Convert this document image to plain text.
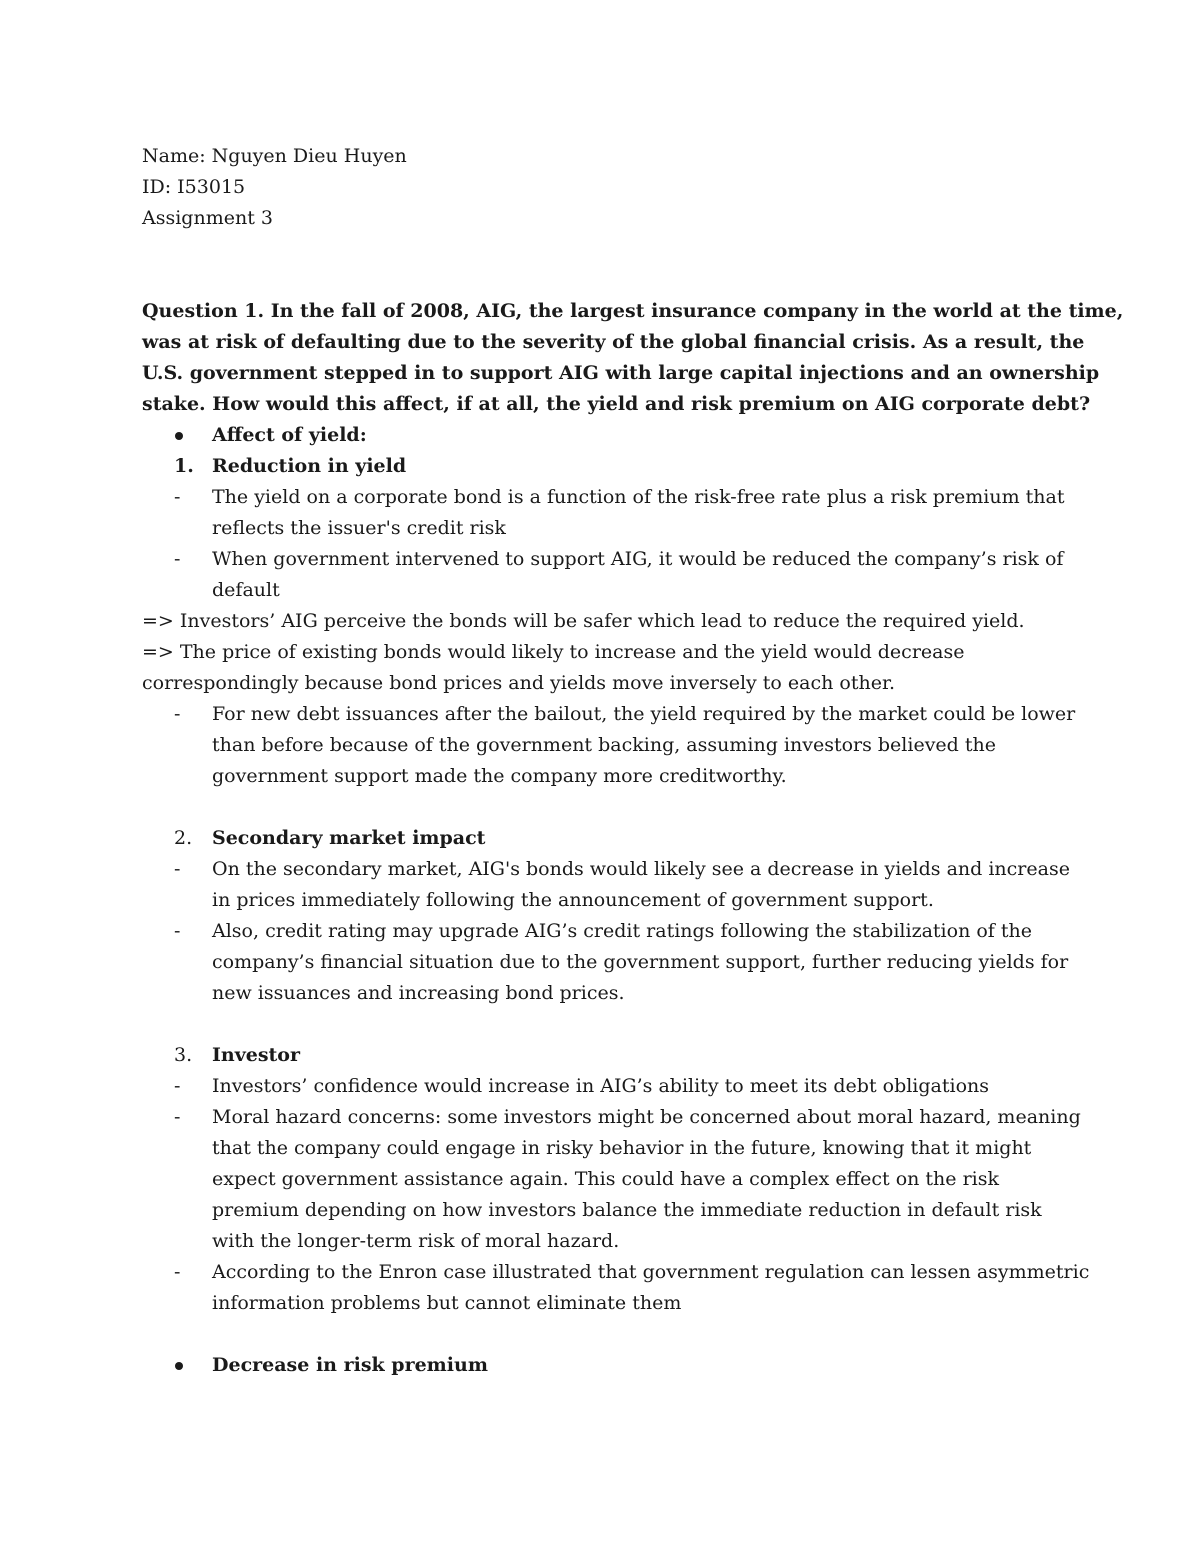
Name: Nguyen Dieu Huyen
ID: I53015
Assignment 3
Question 1. In the fall of 2008, AIG, the largest insurance company in the world at the time,
was at risk of defaulting due to the severity of the global financial crisis. As a result, the
U.S. government stepped in to support AIG with large capital injections and an ownership
stake. How would this affect, if at all, the yield and risk premium on AIG corporate debt?
Affect of yield:
1. Reduction in yield
- The yield on a corporate bond is a function of the risk-free rate plus a risk premium that
reflects the issuer's credit risk
- When government intervened to support AIG, it would be reduced the company’s risk of
default
=> Investors’ AIG perceive the bonds will be safer which lead to reduce the required yield.
=> The price of existing bonds would likely to increase and the yield would decrease
correspondingly because bond prices and yields move inversely to each other.
- For new debt issuances after the bailout, the yield required by the market could be lower
than before because of the government backing, assuming investors believed the
government support made the company more creditworthy.
2. Secondary market impact
- On the secondary market, AIG's bonds would likely see a decrease in yields and increase
in prices immediately following the announcement of government support.
- Also, credit rating may upgrade AIG’s credit ratings following the stabilization of the
company’s financial situation due to the government support, further reducing yields for
new issuances and increasing bond prices.
3. Investor
- Investors’ confidence would increase in AIG’s ability to meet its debt obligations
- Moral hazard concerns: some investors might be concerned about moral hazard, meaning
that the company could engage in risky behavior in the future, knowing that it might
expect government assistance again. This could have a complex effect on the risk
premium depending on how investors balance the immediate reduction in default risk
with the longer-term risk of moral hazard.
- According to the Enron case illustrated that government regulation can lessen asymmetric
information problems but cannot eliminate them
Decrease in risk premium
